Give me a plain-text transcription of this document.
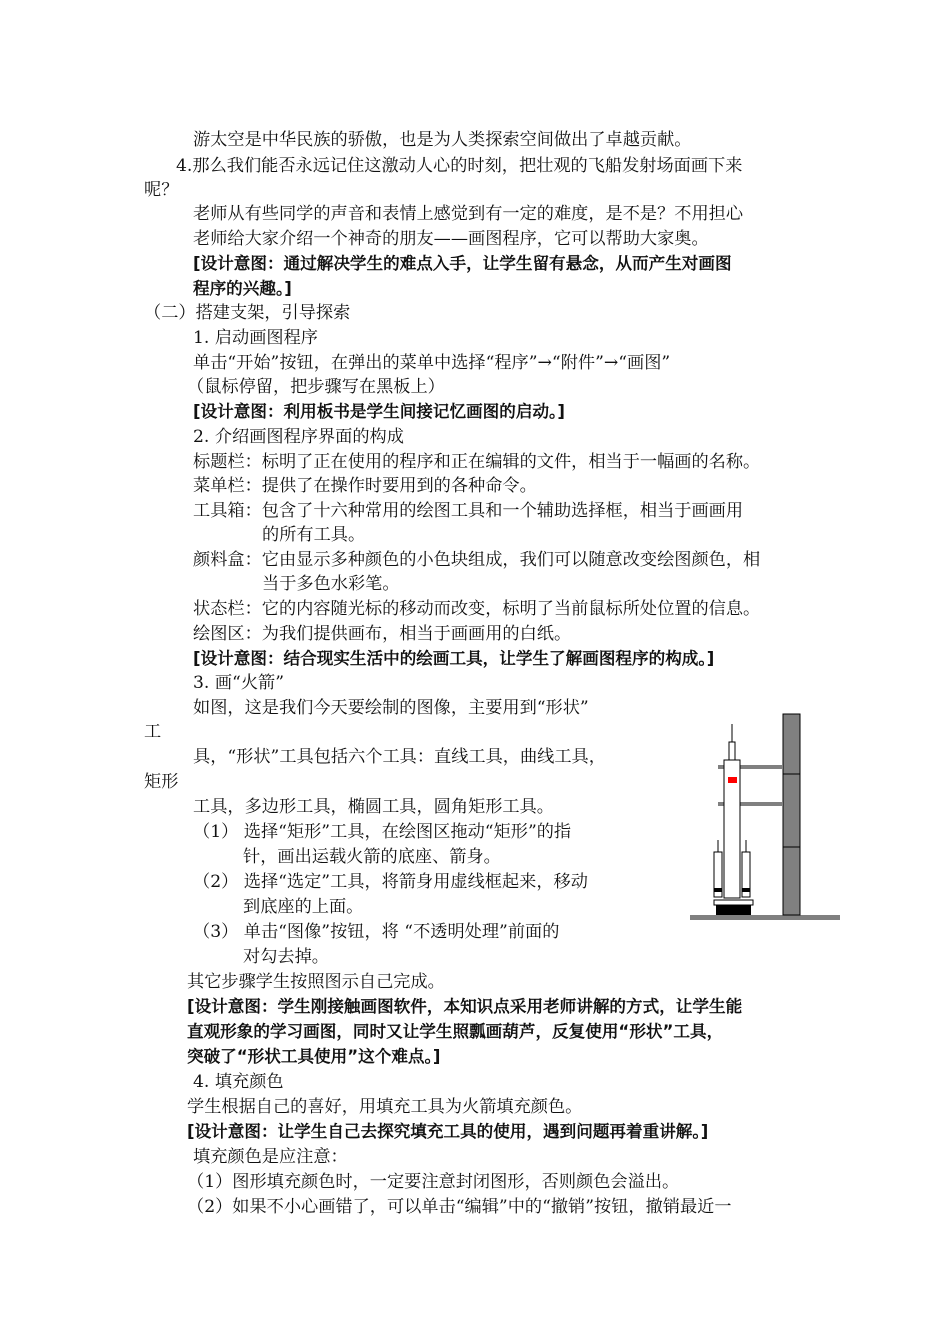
游太空是中华民族的骄傲，也是为人类探索空间做出了卓越贡献。
4.那么我们能否永远记住这激动人心的时刻，把壮观的飞船发射场面画下来
呢？
老师从有些同学的声音和表情上感觉到有一定的难度，是不是？不用担心
老师给大家介绍一个神奇的朋友——画图程序，它可以帮助大家奥。
[设计意图：通过解决学生的难点入手，让学生留有悬念，从而产生对画图
程序的兴趣。]
（二）搭建支架，引导探索
1. 启动画图程序
单击“开始”按钮，在弹出的菜单中选择“程序”→“附件”→“画图”
（鼠标停留，把步骤写在黑板上）
[设计意图：利用板书是学生间接记忆画图的启动。]
2. 介绍画图程序界面的构成
标题栏：标明了正在使用的程序和正在编辑的文件，相当于一幅画的名称。
菜单栏：提供了在操作时要用到的各种命令。
工具箱：包含了十六种常用的绘图工具和一个辅助选择框，相当于画画用
的所有工具。
颜料盒：它由显示多种颜色的小色块组成，我们可以随意改变绘图颜色，相
当于多色水彩笔。
状态栏：它的内容随光标的移动而改变，标明了当前鼠标所处位置的信息。
绘图区：为我们提供画布，相当于画画用的白纸。
[设计意图：结合现实生活中的绘画工具，让学生了解画图程序的构成。]
3. 画“火箭”
如图，这是我们今天要绘制的图像，主要用到“形状”
工
具，“形状”工具包括六个工具：直线工具，曲线工具，
矩形
工具，多边形工具，椭圆工具，圆角矩形工具。
（1） 选择“矩形”工具，在绘图区拖动“矩形”的指
针，画出运载火箭的底座、箭身。
（2） 选择“选定”工具，将箭身用虚线框起来，移动
到底座的上面。
（3） 单击“图像”按钮，将 “不透明处理”前面的
对勾去掉。
其它步骤学生按照图示自己完成。
[设计意图：学生刚接触画图软件，本知识点采用老师讲解的方式，让学生能
直观形象的学习画图，同时又让学生照瓢画葫芦，反复使用“形状”工具，
突破了“形状工具使用”这个难点。]
4. 填充颜色
学生根据自己的喜好，用填充工具为火箭填充颜色。
[设计意图：让学生自己去探究填充工具的使用，遇到问题再着重讲解。]
填充颜色是应注意：
（1）图形填充颜色时，一定要注意封闭图形，否则颜色会溢出。
（2）如果不小心画错了，可以单击“编辑”中的“撤销”按钮，撤销最近一
